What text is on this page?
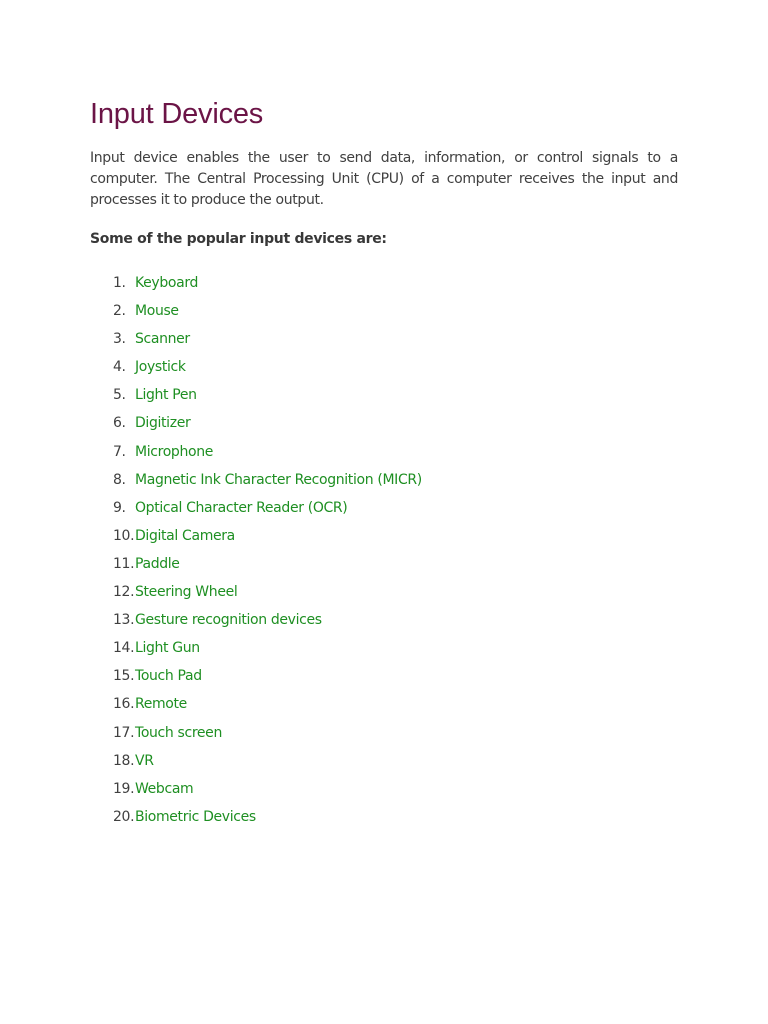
Input Devices

Input device enables the user to send data, information, or control signals to a computer. The Central Processing Unit (CPU) of a computer receives the input and processes it to produce the output.

Some of the popular input devices are:

1. Keyboard
2. Mouse
3. Scanner
4. Joystick
5. Light Pen
6. Digitizer
7. Microphone
8. Magnetic Ink Character Recognition (MICR)
9. Optical Character Reader (OCR)
10.Digital Camera
11.Paddle
12.Steering Wheel
13.Gesture recognition devices
14.Light Gun
15.Touch Pad
16.Remote
17.Touch screen
18.VR
19.Webcam
20.Biometric Devices
